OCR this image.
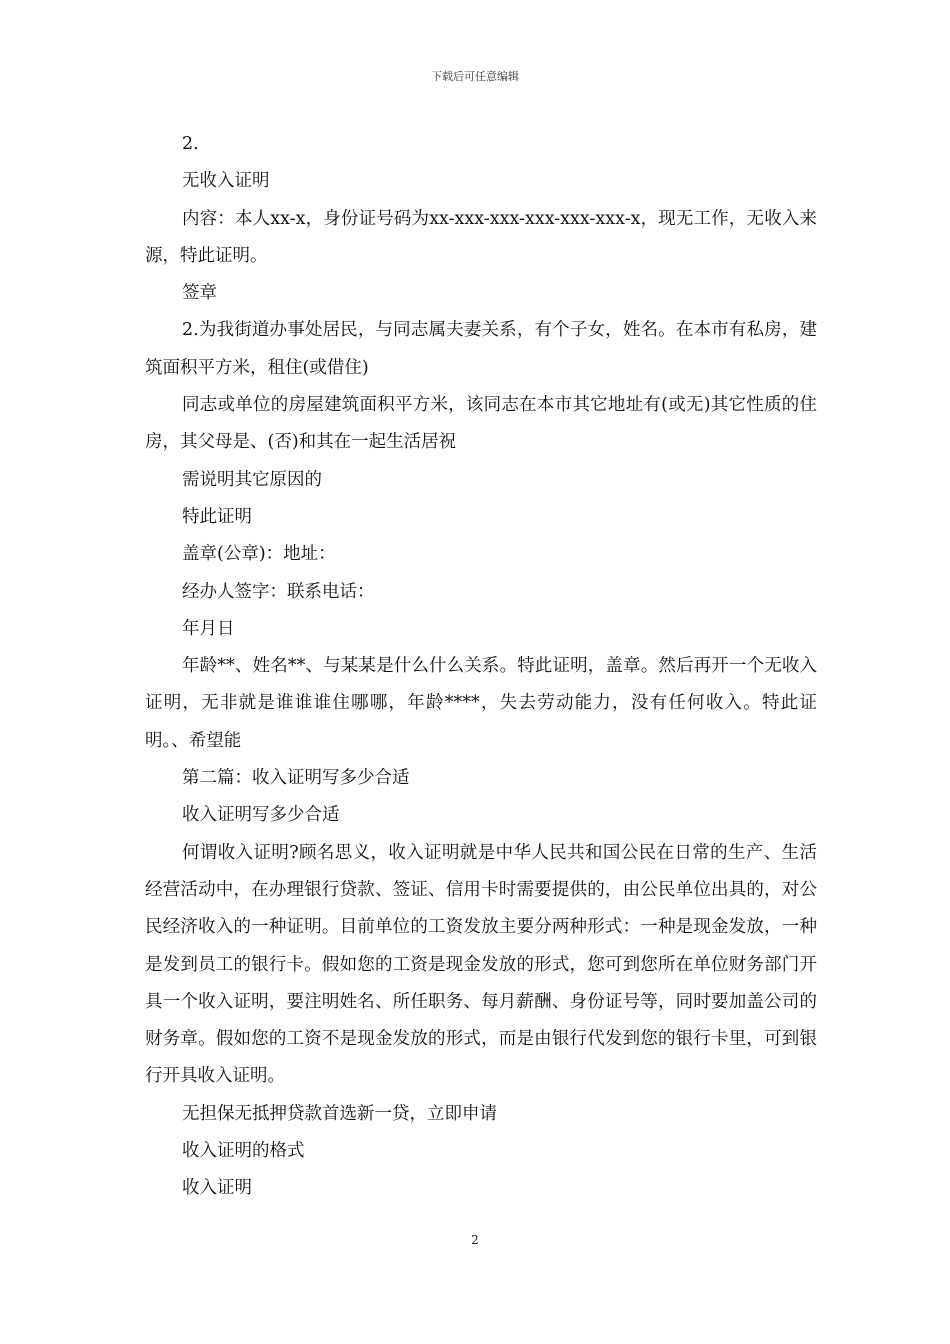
下载后可任意编辑

2.

无收入证明

内容：本人xx-x，身份证号码为xx-xxx-xxx-xxx-xxx-xxx-x，现无工作，无收入来源，特此证明。

签章

2.为我街道办事处居民，与同志属夫妻关系，有个子女，姓名。在本市有私房，建筑面积平方米，租住(或借住)

同志或单位的房屋建筑面积平方米，该同志在本市其它地址有(或无)其它性质的住房，其父母是、(否)和其在一起生活居祝

需说明其它原因的

特此证明

盖章(公章)：地址：

经办人签字：联系电话：

年月日

年龄**、姓名**、与某某是什么什么关系。特此证明，盖章。然后再开一个无收入证明，无非就是谁谁谁住哪哪，年龄****，失去劳动能力，没有任何收入。特此证明。、希望能

第二篇：收入证明写多少合适

收入证明写多少合适

何谓收入证明?顾名思义，收入证明就是中华人民共和国公民在日常的生产、生活经营活动中，在办理银行贷款、签证、信用卡时需要提供的，由公民单位出具的，对公民经济收入的一种证明。目前单位的工资发放主要分两种形式：一种是现金发放，一种是发到员工的银行卡。假如您的工资是现金发放的形式，您可到您所在单位财务部门开具一个收入证明，要注明姓名、所任职务、每月薪酬、身份证号等，同时要加盖公司的财务章。假如您的工资不是现金发放的形式，而是由银行代发到您的银行卡里，可到银行开具收入证明。

无担保无抵押贷款首选新一贷，立即申请

收入证明的格式

收入证明

2
